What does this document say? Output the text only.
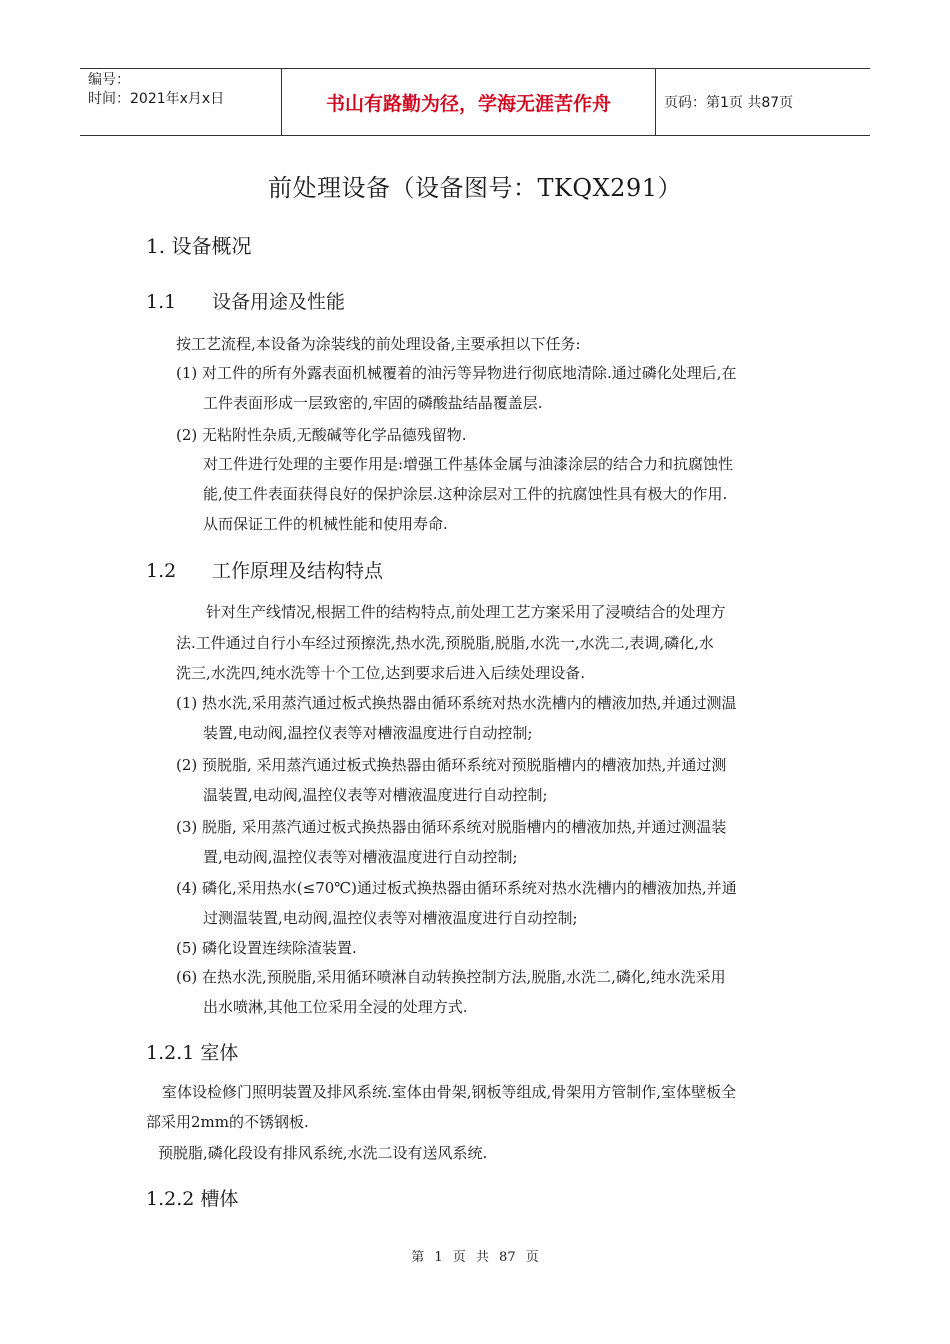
编号：
时间：2021年x月x日	书山有路勤为径，学海无涯苦作舟	页码：第1页 共87页
前处理设备（设备图号：TKQX291）
1. 设备概况
1.1 设备用途及性能
按工艺流程,本设备为涂装线的前处理设备,主要承担以下任务:
(1) 对工件的所有外露表面机械覆着的油污等异物进行彻底地清除.通过磷化处理后,在
工件表面形成一层致密的,牢固的磷酸盐结晶覆盖层.
(2) 无粘附性杂质,无酸碱等化学品德残留物.
对工件进行处理的主要作用是:增强工件基体金属与油漆涂层的结合力和抗腐蚀性
能,使工件表面获得良好的保护涂层.这种涂层对工件的抗腐蚀性具有极大的作用.
从而保证工件的机械性能和使用寿命.
1.2 工作原理及结构特点
针对生产线情况,根据工件的结构特点,前处理工艺方案采用了浸喷结合的处理方
法.工件通过自行小车经过预擦洗,热水洗,预脱脂,脱脂,水洗一,水洗二,表调,磷化,水
洗三,水洗四,纯水洗等十个工位,达到要求后进入后续处理设备.
(1) 热水洗,采用蒸汽通过板式换热器由循环系统对热水洗槽内的槽液加热,并通过测温
装置,电动阀,温控仪表等对槽液温度进行自动控制;
(2) 预脱脂, 采用蒸汽通过板式换热器由循环系统对预脱脂槽内的槽液加热,并通过测
温装置,电动阀,温控仪表等对槽液温度进行自动控制;
(3) 脱脂, 采用蒸汽通过板式换热器由循环系统对脱脂槽内的槽液加热,并通过测温装
置,电动阀,温控仪表等对槽液温度进行自动控制;
(4) 磷化,采用热水(≤70℃)通过板式换热器由循环系统对热水洗槽内的槽液加热,并通
过测温装置,电动阀,温控仪表等对槽液温度进行自动控制;
(5) 磷化设置连续除渣装置.
(6) 在热水洗,预脱脂,采用循环喷淋自动转换控制方法,脱脂,水洗二,磷化,纯水洗采用
出水喷淋,其他工位采用全浸的处理方式.
1.2.1 室体
室体设检修门照明装置及排风系统.室体由骨架,钢板等组成,骨架用方管制作,室体壁板全
部采用2mm的不锈钢板.
预脱脂,磷化段设有排风系统,水洗二设有送风系统.
1.2.2 槽体
第 1 页 共 87 页
